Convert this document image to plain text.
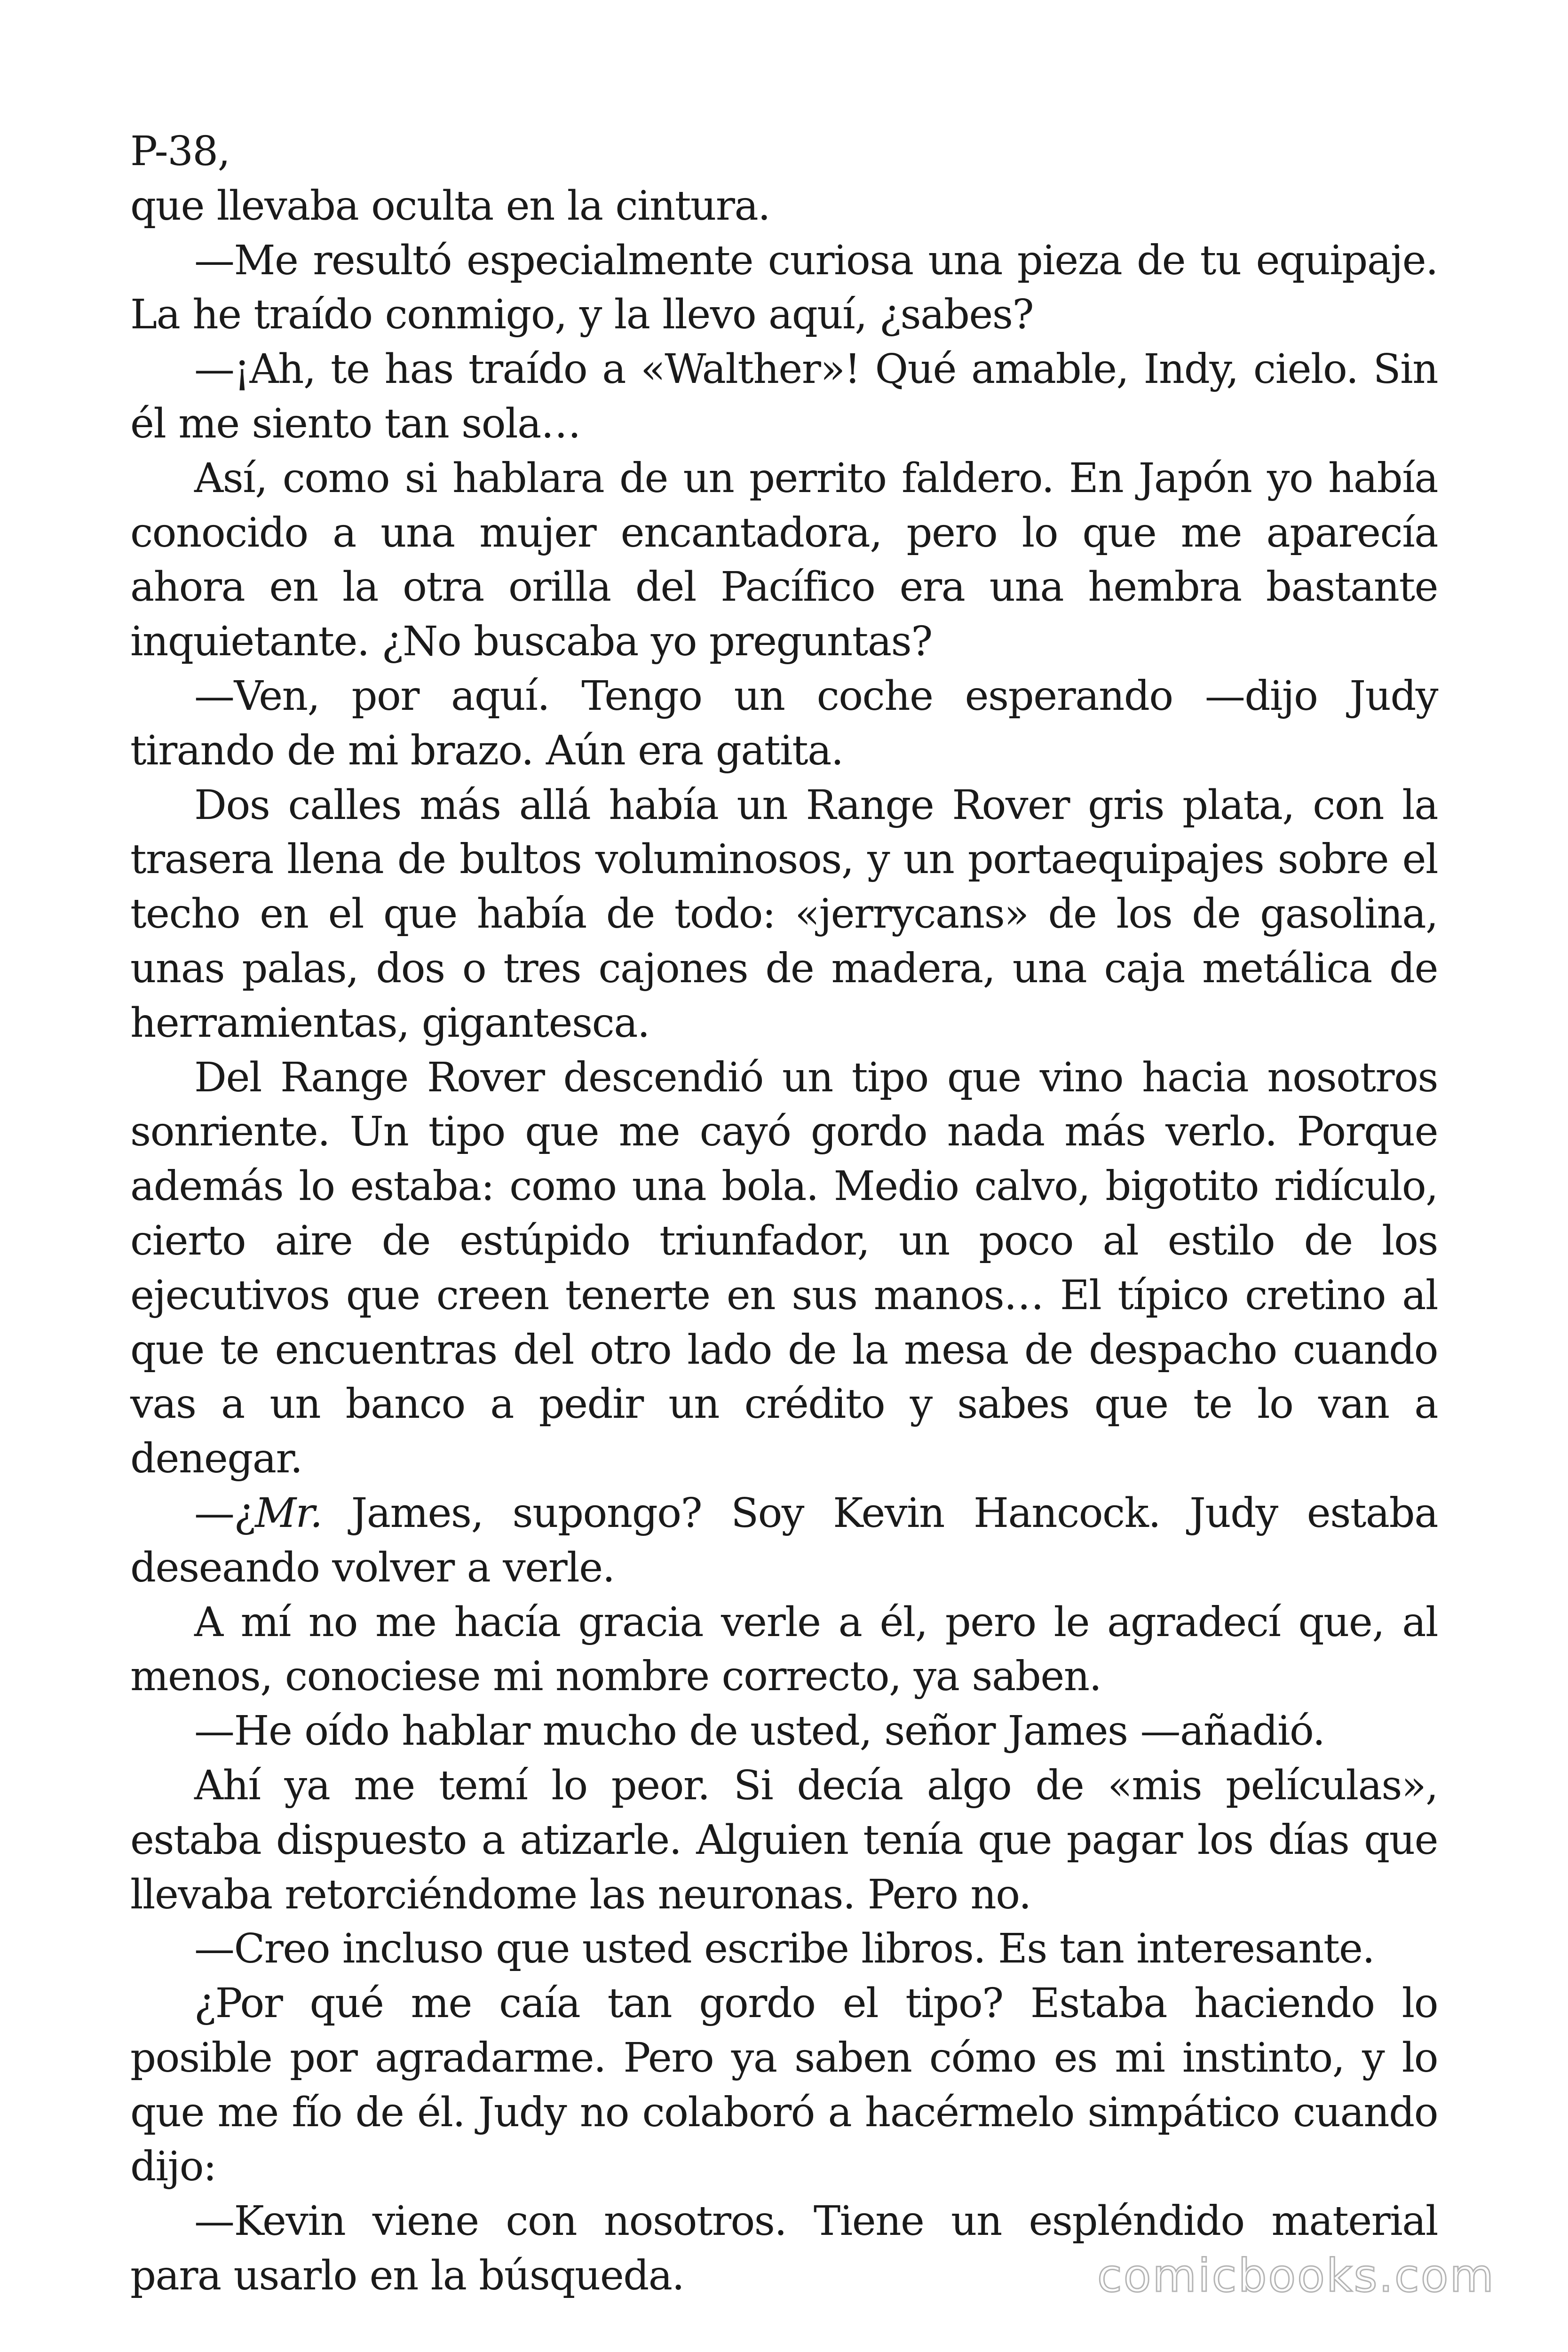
P-38,

que llevaba oculta en la cintura.

—Me resultó especialmente curiosa una pieza de tu equipaje. La he traído conmigo, y la llevo aquí, ¿sabes?

—¡Ah, te has traído a «Walther»! Qué amable, Indy, cielo. Sin él me siento tan sola…

Así, como si hablara de un perrito faldero. En Japón yo había conocido a una mujer encantadora, pero lo que me aparecía ahora en la otra orilla del Pacífico era una hembra bastante inquietante. ¿No buscaba yo preguntas?

—Ven, por aquí. Tengo un coche esperando —dijo Judy tirando de mi brazo. Aún era gatita.

Dos calles más allá había un Range Rover gris plata, con la trasera llena de bultos voluminosos, y un portaequipajes sobre el techo en el que había de todo: «jerrycans» de los de gasolina, unas palas, dos o tres cajones de madera, una caja metálica de herramientas, gigantesca.

Del Range Rover descendió un tipo que vino hacia nosotros sonriente. Un tipo que me cayó gordo nada más verlo. Porque además lo estaba: como una bola. Medio calvo, bigotito ridículo, cierto aire de estúpido triunfador, un poco al estilo de los ejecutivos que creen tenerte en sus manos… El típico cretino al que te encuentras del otro lado de la mesa de despacho cuando vas a un banco a pedir un crédito y sabes que te lo van a denegar.

—¿Mr. James, supongo? Soy Kevin Hancock. Judy estaba deseando volver a verle.

A mí no me hacía gracia verle a él, pero le agradecí que, al menos, conociese mi nombre correcto, ya saben.

—He oído hablar mucho de usted, señor James —añadió.

Ahí ya me temí lo peor. Si decía algo de «mis películas», estaba dispuesto a atizarle. Alguien tenía que pagar los días que llevaba retorciéndome las neuronas. Pero no.

—Creo incluso que usted escribe libros. Es tan interesante.

¿Por qué me caía tan gordo el tipo? Estaba haciendo lo posible por agradarme. Pero ya saben cómo es mi instinto, y lo que me fío de él. Judy no colaboró a hacérmelo simpático cuando dijo:

—Kevin viene con nosotros. Tiene un espléndido material para usarlo en la búsqueda.	comicbooks.com
